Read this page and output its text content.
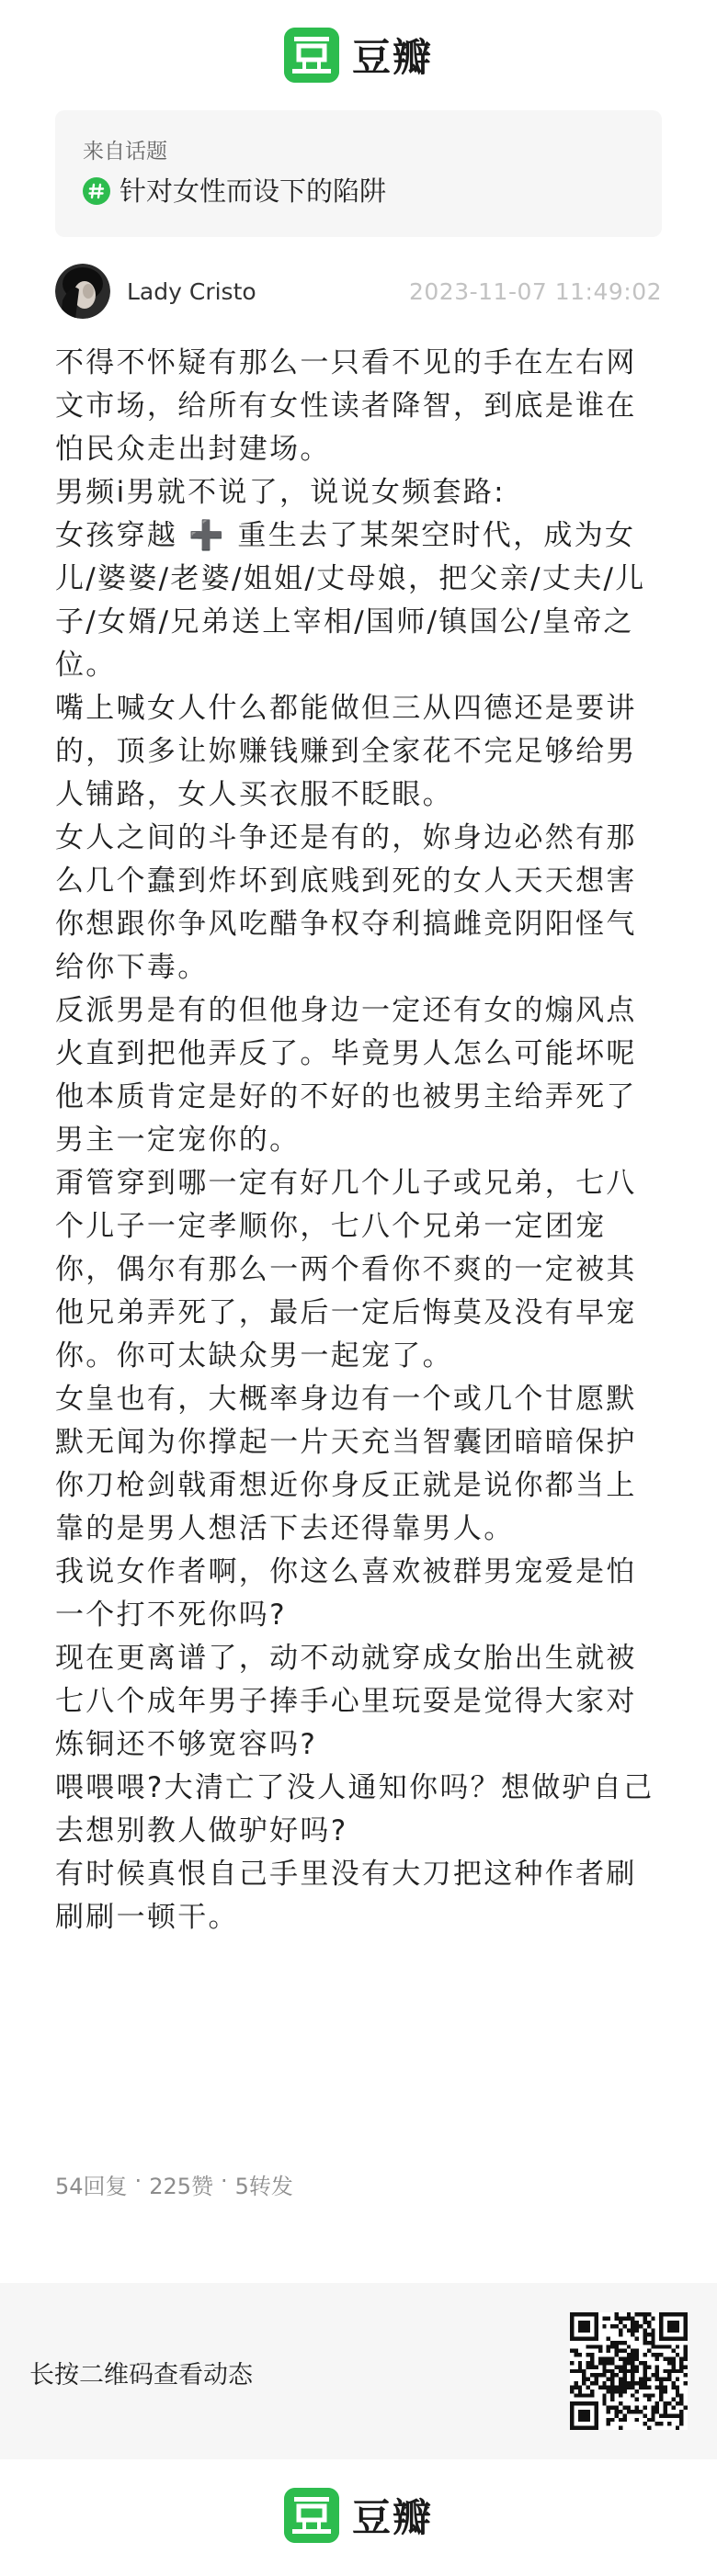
豆瓣
来自话题
针对女性而设下的陷阱
Lady Cristo	2023-11-07 11:49:02

不得不怀疑有那么一只看不见的手在左右网文市场，给所有女性读者降智，到底是谁在怕民众走出封建场。

男频i男就不说了，说说女频套路:

女孩穿越 ➕ 重生去了某架空时代，成为女儿/婆婆/老婆/姐姐/丈母娘，把父亲/丈夫/儿子/女婿/兄弟送上宰相/国师/镇国公/皇帝之位。

嘴上喊女人什么都能做但三从四德还是要讲的，顶多让妳赚钱赚到全家花不完足够给男人铺路，女人买衣服不眨眼。

女人之间的斗争还是有的，妳身边必然有那么几个蠢到炸坏到底贱到死的女人天天想害你想跟你争风吃醋争权夺利搞雌竞阴阳怪气给你下毒。

反派男是有的但他身边一定还有女的煽风点火直到把他弄反了。毕竟男人怎么可能坏呢他本质肯定是好的不好的也被男主给弄死了男主一定宠你的。

甭管穿到哪一定有好几个儿子或兄弟，七八个儿子一定孝顺你，七八个兄弟一定团宠你，偶尔有那么一两个看你不爽的一定被其他兄弟弄死了，最后一定后悔莫及没有早宠你。你可太缺众男一起宠了。

女皇也有，大概率身边有一个或几个甘愿默默无闻为你撑起一片天充当智囊团暗暗保护你刀枪剑戟甭想近你身反正就是说你都当上靠的是男人想活下去还得靠男人。

我说女作者啊，你这么喜欢被群男宠爱是怕一个打不死你吗?

现在更离谱了，动不动就穿成女胎出生就被七八个成年男子捧手心里玩耍是觉得大家对炼铜还不够宽容吗?

喂喂喂?大清亡了没人通知你吗？想做驴自己去想别教人做驴好吗?

有时候真恨自己手里没有大刀把这种作者刷刷刷一顿干。

54回复 · 225赞 · 5转发
长按二维码查看动态
豆瓣
